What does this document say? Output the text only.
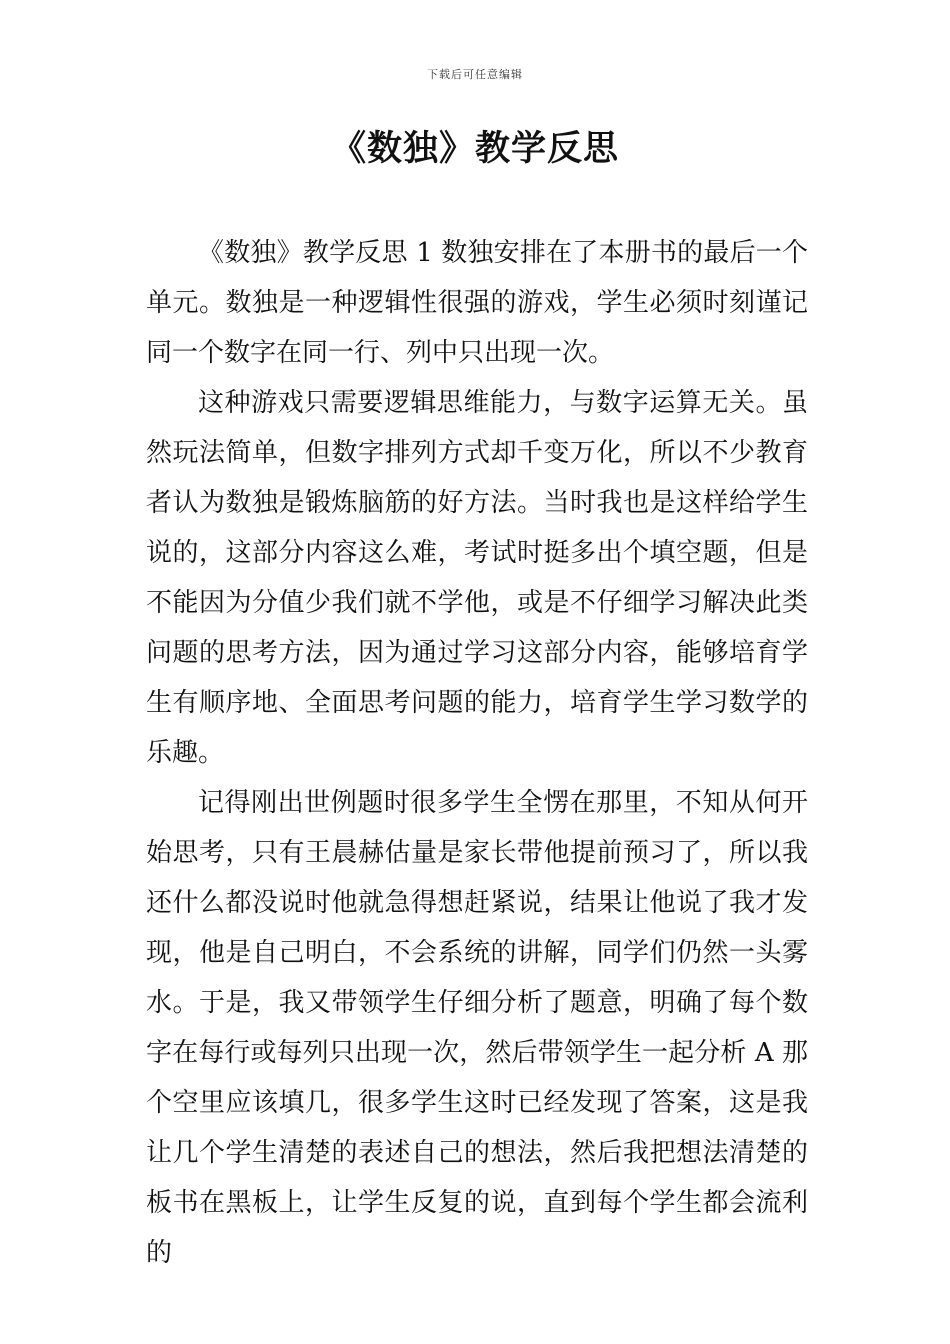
下载后可任意编辑
《数独》教学反思

《数独》教学反思 1 数独安排在了本册书的最后一个单元。数独是一种逻辑性很强的游戏，学生必须时刻谨记同一个数字在同一行、列中只出现一次。

这种游戏只需要逻辑思维能力，与数字运算无关。虽然玩法简单，但数字排列方式却千变万化，所以不少教育者认为数独是锻炼脑筋的好方法。当时我也是这样给学生说的，这部分内容这么难，考试时挺多出个填空题，但是不能因为分值少我们就不学他，或是不仔细学习解决此类问题的思考方法，因为通过学习这部分内容，能够培育学生有顺序地、全面思考问题的能力，培育学生学习数学的乐趣。

记得刚出世例题时很多学生全愣在那里，不知从何开始思考，只有王晨赫估量是家长带他提前预习了，所以我还什么都没说时他就急得想赶紧说，结果让他说了我才发现，他是自己明白，不会系统的讲解，同学们仍然一头雾水。于是，我又带领学生仔细分析了题意，明确了每个数字在每行或每列只出现一次，然后带领学生一起分析 A 那个空里应该填几，很多学生这时已经发现了答案，这是我让几个学生清楚的表述自己的想法，然后我把想法清楚的板书在黑板上，让学生反复的说，直到每个学生都会流利的
